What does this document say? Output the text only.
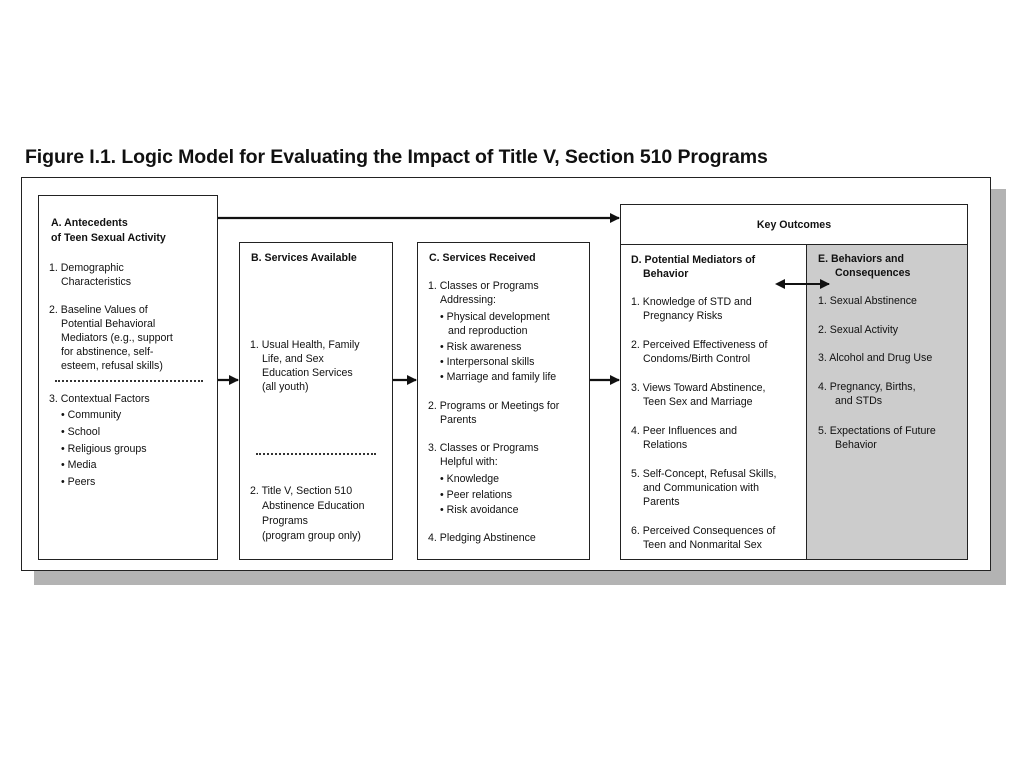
Figure I.1. Logic Model for Evaluating the Impact of Title V, Section 510 Programs
A. Antecedents
of Teen Sexual Activity
1. Demographic
Characteristics
2. Baseline Values of
Potential Behavioral
Mediators (e.g., support
for abstinence, self-
esteem, refusal skills)
3. Contextual Factors
• Community
• School
• Religious groups
• Media
• Peers
B. Services Available
1. Usual Health, Family
Life, and Sex
Education Services
(all youth)
2. Title V, Section 510
Abstinence Education
Programs
(program group only)
C. Services Received
1. Classes or Programs
Addressing:
• Physical development
and reproduction
• Risk awareness
• Interpersonal skills
• Marriage and family life
2. Programs or Meetings for
Parents
3. Classes or Programs
Helpful with:
• Knowledge
• Peer relations
• Risk avoidance
4. Pledging Abstinence
Key Outcomes
D. Potential Mediators of
Behavior
1. Knowledge of STD and
Pregnancy Risks
2. Perceived Effectiveness of
Condoms/Birth Control
3. Views Toward Abstinence,
Teen Sex and Marriage
4. Peer Influences and
Relations
5. Self-Concept, Refusal Skills,
and Communication with
Parents
6. Perceived Consequences of
Teen and Nonmarital Sex
E. Behaviors and
Consequences
1. Sexual Abstinence
2. Sexual Activity
3. Alcohol and Drug Use
4. Pregnancy, Births,
and STDs
5. Expectations of Future
Behavior
